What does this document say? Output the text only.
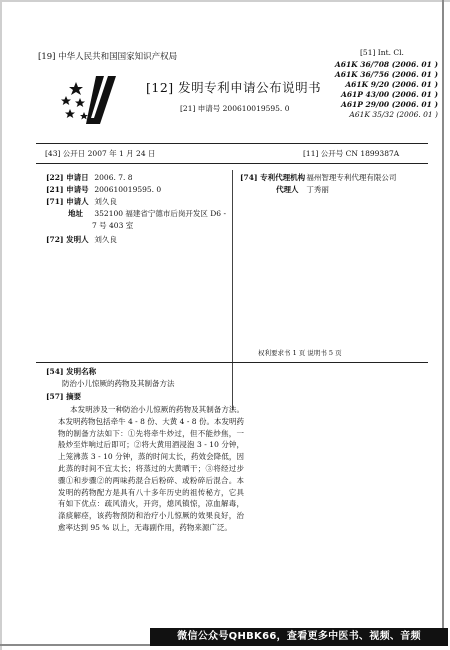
[19] 中华人民共和国国家知识产权局	[51] Int. Cl.
A61K 36/708 (2006. 01 )
A61K 36/756 (2006. 01 )
A61K 9/20 (2006. 01 )
A61P 43/00 (2006. 01 )
A61P 29/00 (2006. 01 )
A61K 35/32 (2006. 01 )
[12] 发明专利申请公布说明书
[21] 申请号 200610019595. 0
[43] 公开日 2007 年 1 月 24 日	[11] 公开号 CN 1899387A
[22] 申请日 2006. 7. 8
[21] 申请号 200610019595. 0
[71] 申请人 刘久良
地址 352100 福建省宁德市后岗开发区 D6 -
7 号 403 室
[72] 发明人 刘久良
[74] 专利代理机构 福州智理专利代理有限公司
代理人 丁秀丽
权利要求书 1 页 说明书 5 页
[54] 发明名称
防治小儿惊厥的药物及其制备方法
[57] 摘要
本发明涉及一种防治小儿惊厥的药物及其制备方法。本发明药物包括牵牛 4 - 8 份、大黄 4 - 8 份。本发明药物的制备方法如下：①先将牵牛炒过，但不能炒焦，一般炒至炸响过后即可；②将大黄用酒浸泡 3 - 10 分钟，上笼沸蒸 3 - 10 分钟，蒸的时间太长，药效会降低，因此蒸的时间不宜太长；将蒸过的大黄晒干；③将经过步骤①和步骤②的两味药混合后粉碎、或粉碎后混合。本发明的药物配方是具有八十多年历史的祖传秘方，它具有如下优点：疏风清火，开窍，熄风镇惊，凉血解毒，涤痰解痉，该药物预防和治疗小儿惊厥的效果良好，治愈率达到 95 % 以上，无毒副作用，药物来源广泛。
微信公众号QHBK66，查看更多中医书、视频、音频
